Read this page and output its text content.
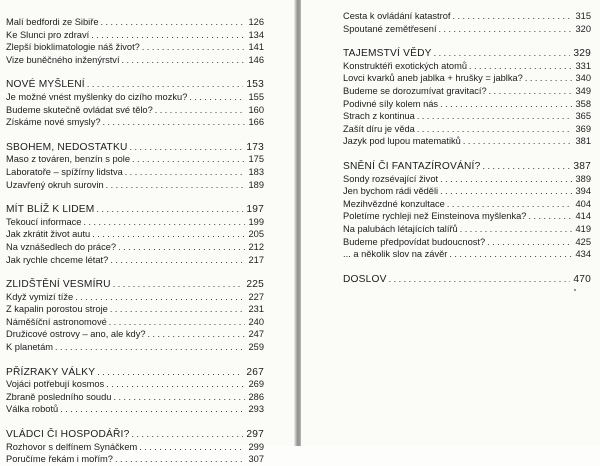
Malí bedfordi ze Sibiře . . .	126
Ke Slunci pro zdraví . . .	134
Zlepší bioklimatologie náš život? . . .	141
Vize buněčného inženýrství . . .	146
NOVÉ MYŠLENÍ . . .	153
Je možné vnést myšlenky do cizího mozku? . . .	155
Budeme skutečně ovládat své tělo? . . .	160
Získáme nové smysly? . . .	166
SBOHEM, NEDOSTATKU . . .	173
Maso z továren, benzín s pole . . .	175
Laboratoře – spížírny lidstva . . .	183
Uzavřený okruh surovin . . .	189
MÍT BLÍŽ K LIDEM . . .	197
Tekoucí informace . . .	199
Jak zkrátit život autu . . .	205
Na vznášedlech do práce? . . .	212
Jak rychle chceme létat? . . .	217
ZLIDŠTĚNÍ VESMÍRU . . .	225
Když vymizí tíže . . .	227
Z kapalin porostou stroje . . .	231
Náměšíční astronomové . . .	240
Družicové ostrovy – ano, ale kdy? . . .	247
K planetám . . .	259
PŘÍZRAKY VÁLKY . . .	267
Vojáci potřebují kosmos . . .	269
Zbraně posledního soudu . . .	286
Válka robotů . . .	293
VLÁDCI ČI HOSPODÁŘI? . . .	297
Rozhovor s delfínem Synáčkem . . .	299
Poručíme řekám i mořím? . . .	307
Cesta k ovládání katastrof . . .	315
Spoutané zemětřesení . . .	320
TAJEMSTVÍ VĚDY . . .	329
Konstruktéři exotických atomů . . .	331
Lovci kvarků aneb jablka + hrušky = jablka? . . .	340
Budeme se dorozumívat gravitací? . . .	349
Podivné síly kolem nás . . .	358
Strach z kontinua . . .	365
Zašít díru je věda . . .	369
Jazyk pod lupou matematiků . . .	381
SNĚNÍ ČI FANTAZÍROVÁNÍ? . . .	387
Sondy rozsévající život . . .	389
Jen bychom rádi věděli . . .	394
Mezihvězdné konzultace . . .	404
Poletíme rychleji než Einsteinova myšlenka? . . .	414
Na palubách létajících talířů . . .	419
Budeme předpovídat budoucnost? . . .	425
... a několik slov na závěr . . .	434
DOSLOV . . .	470
